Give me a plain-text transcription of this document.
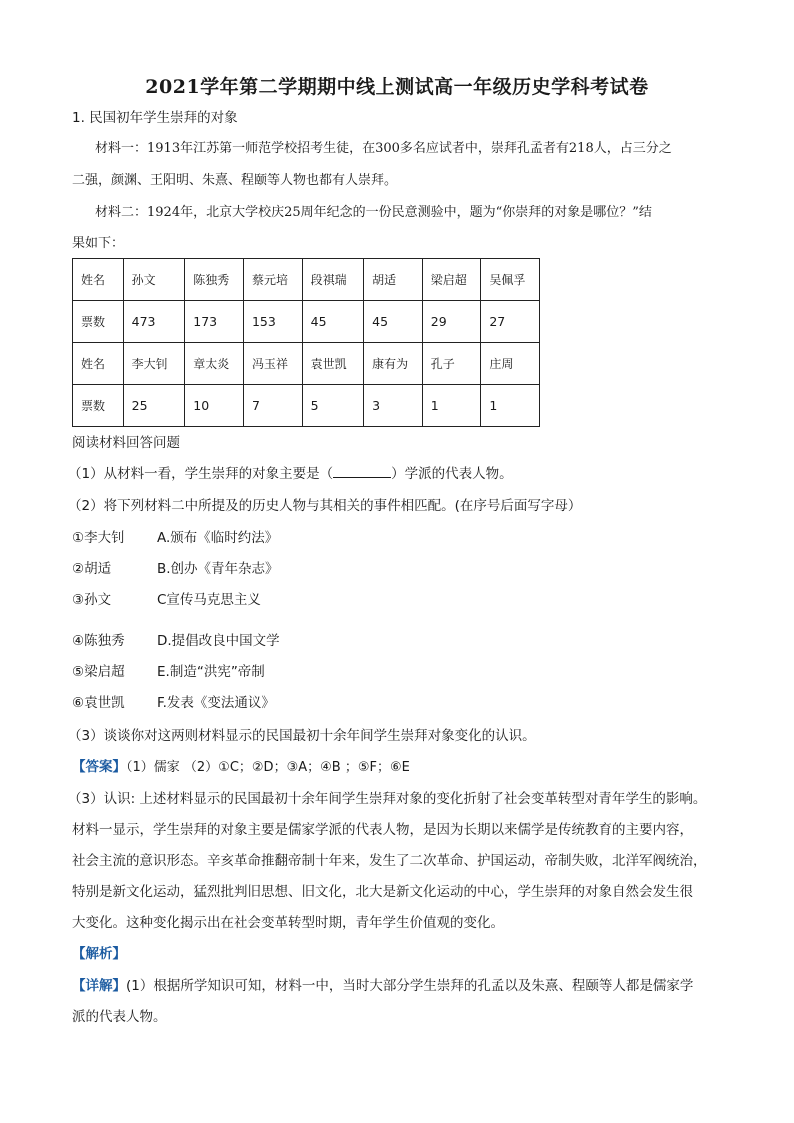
2021学年第二学期期中线上测试高一年级历史学科考试卷
1. 民国初年学生崇拜的对象
材料一：1913年江苏第一师范学校招考生徒，在300多名应试者中，崇拜孔孟者有218人，占三分之
二强，颜渊、王阳明、朱熹、程颐等人物也都有人崇拜。
材料二：1924年，北京大学校庆25周年纪念的一份民意测验中，题为“你崇拜的对象是哪位？”结
果如下：
姓名	孙文	陈独秀	蔡元培	段祺瑞	胡适	梁启超	吴佩孚
票数	473	173	153	45	45	29	27
姓名	李大钊	章太炎	冯玉祥	袁世凯	康有为	孔子	庄周
票数	25	10	7	5	3	1	1
阅读材料回答问题
（1）从材料一看，学生崇拜的对象主要是（	）学派的代表人物。
（2）将下列材料二中所提及的历史人物与其相关的事件相匹配。(在序号后面写字母）
①李大钊 A.颁布《临时约法》
②胡适	B.创办《青年杂志》
③孙文	C宣传马克思主义
④陈独秀 D.提倡改良中国文学
⑤梁启超 E.制造“洪宪”帝制
⑥袁世凯 F.发表《变法通议》
（3）谈谈你对这两则材料显示的民国最初十余年间学生崇拜对象变化的认识。
【答案】（1）儒家 （2）①C；②D；③A；④B ；⑤F；⑥E
（3）认识: 上述材料显示的民国最初十余年间学生崇拜对象的变化折射了社会变革转型对青年学生的影响。
材料一显示，学生崇拜的对象主要是儒家学派的代表人物，是因为长期以来儒学是传统教育的主要内容，
社会主流的意识形态。辛亥革命推翻帝制十年来，发生了二次革命、护国运动，帝制失败，北洋军阀统治，
特别是新文化运动，猛烈批判旧思想、旧文化，北大是新文化运动的中心，学生崇拜的对象自然会发生很
大变化。这种变化揭示出在社会变革转型时期，青年学生价值观的变化。
【解析】
【详解】(1）根据所学知识可知，材料一中，当时大部分学生崇拜的孔孟以及朱熹、程颐等人都是儒家学
派的代表人物。
